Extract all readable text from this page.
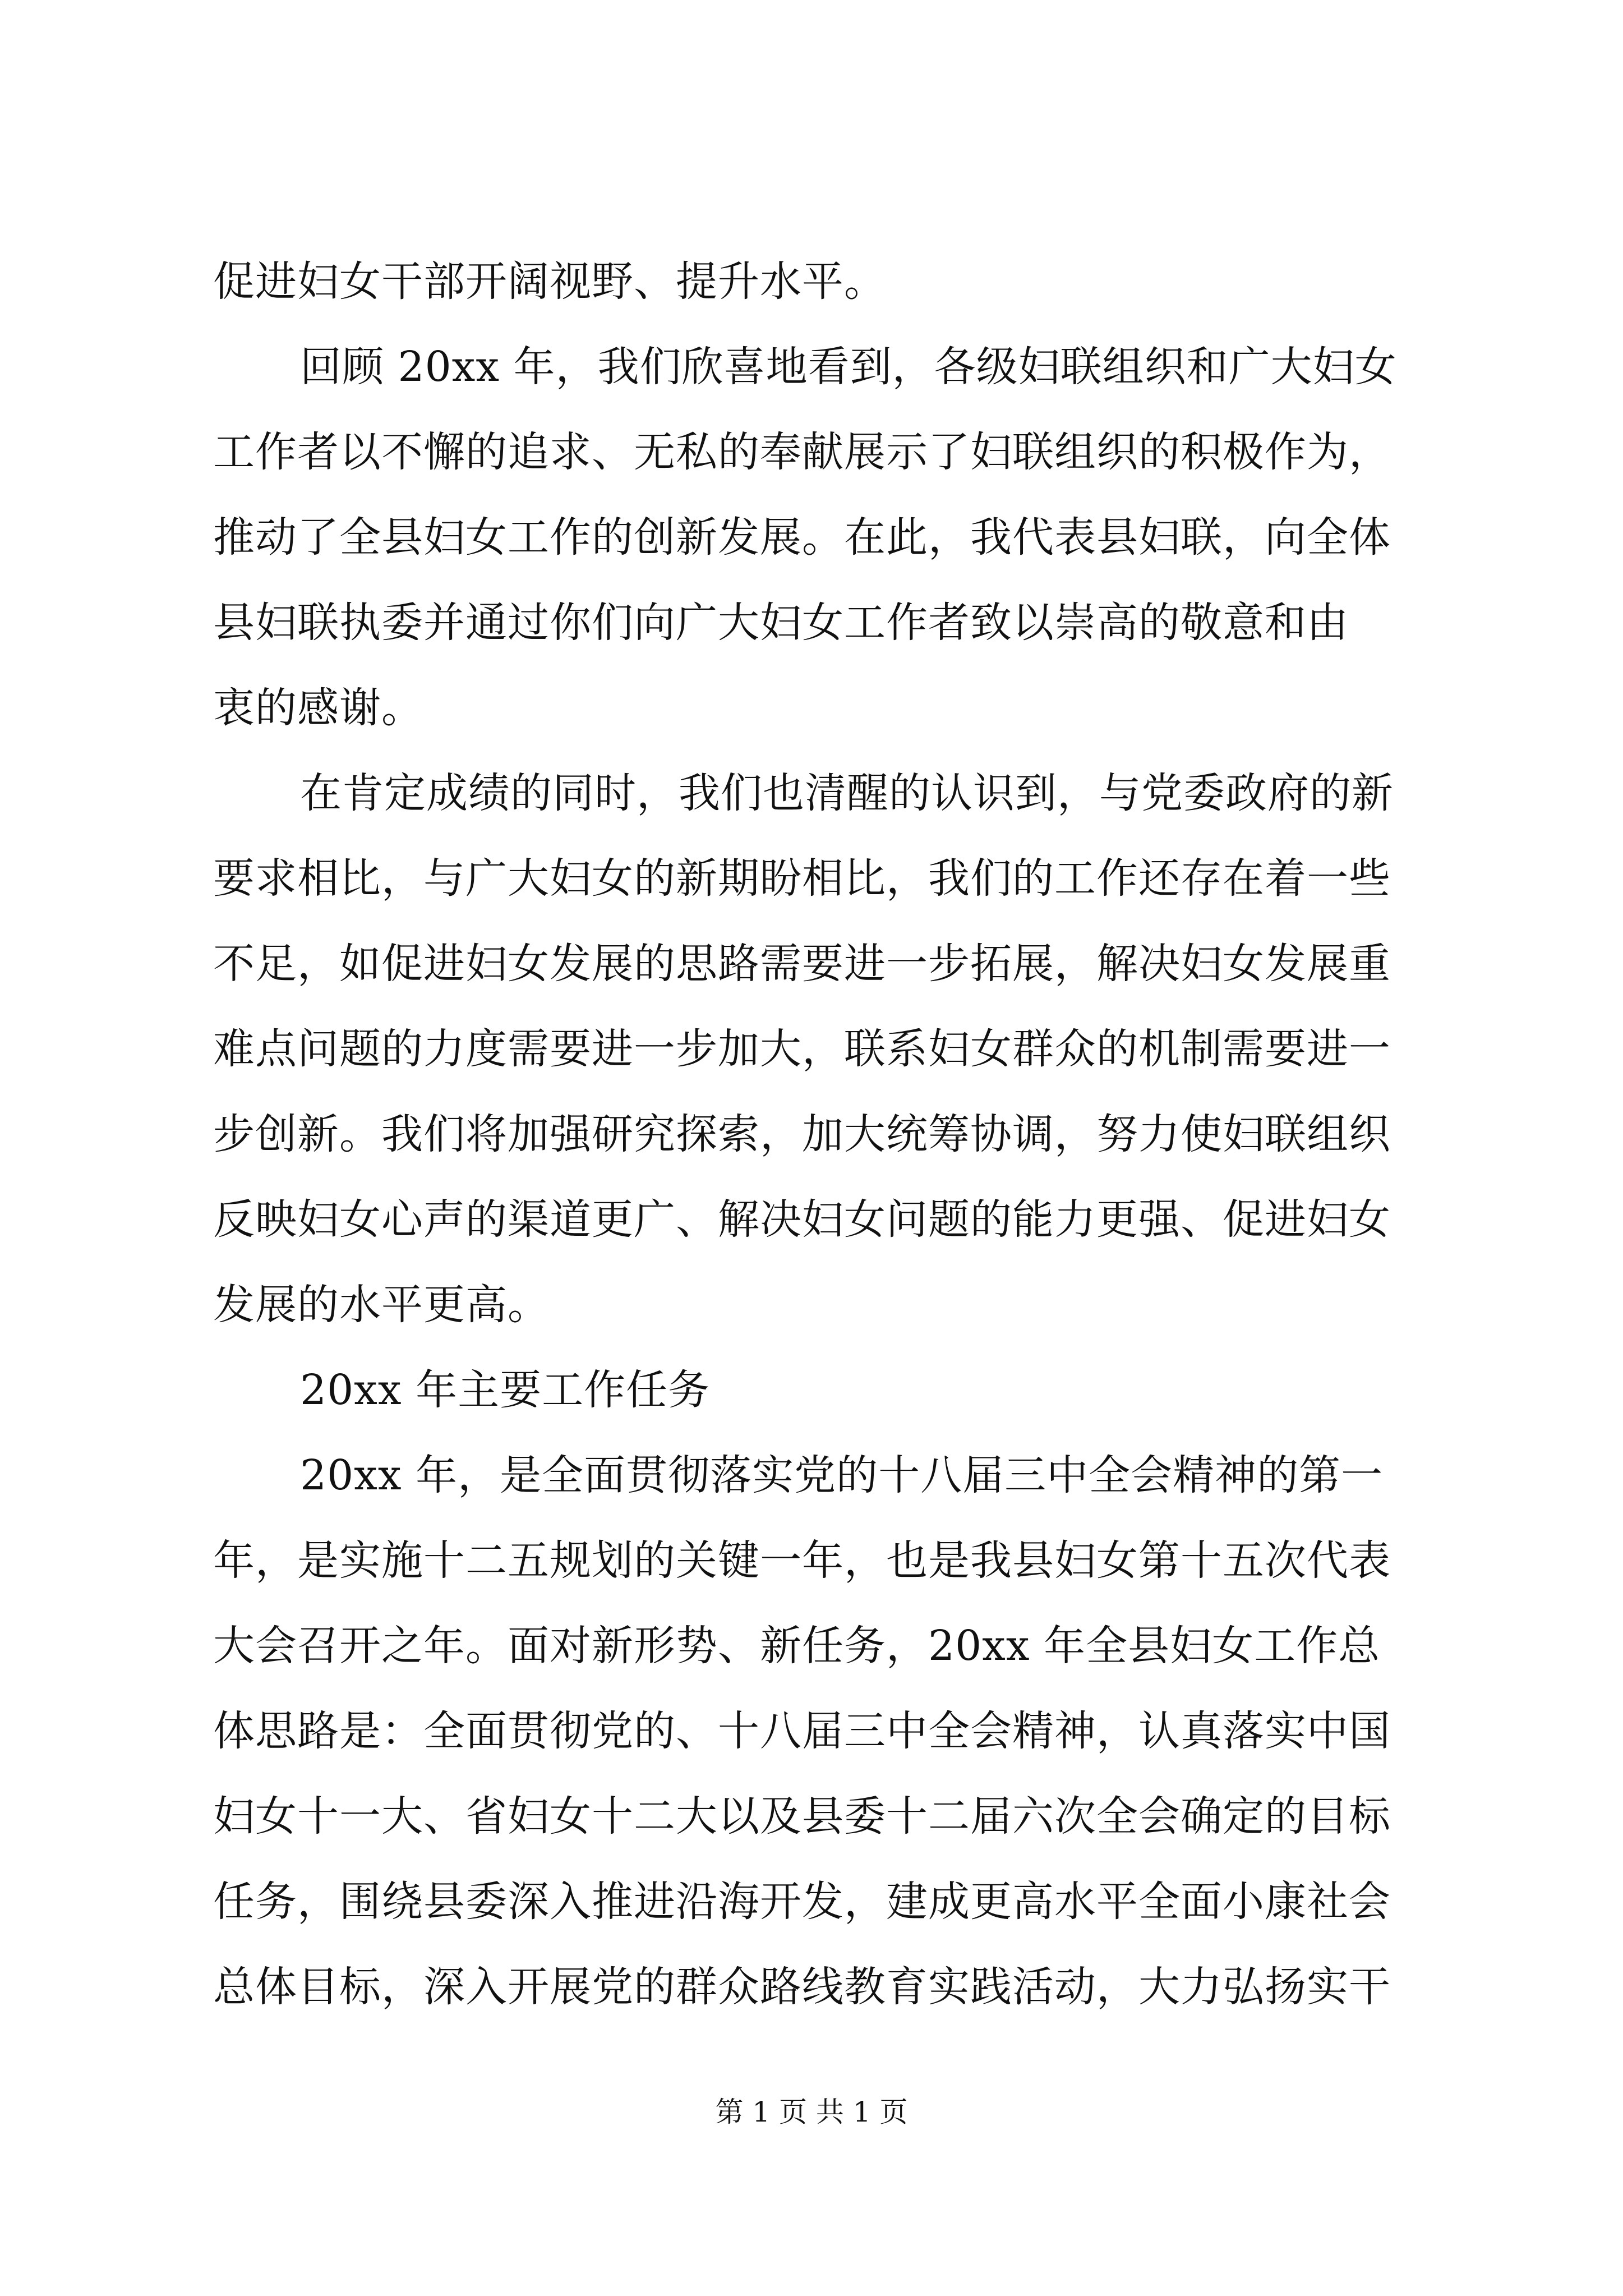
促进妇女干部开阔视野、提升水平。
回顾 20xx 年，我们欣喜地看到，各级妇联组织和广大妇女
工作者以不懈的追求、无私的奉献展示了妇联组织的积极作为，
推动了全县妇女工作的创新发展。在此，我代表县妇联，向全体
县妇联执委并通过你们向广大妇女工作者致以崇高的敬意和由
衷的感谢。
在肯定成绩的同时，我们也清醒的认识到，与党委政府的新
要求相比，与广大妇女的新期盼相比，我们的工作还存在着一些
不足，如促进妇女发展的思路需要进一步拓展，解决妇女发展重
难点问题的力度需要进一步加大，联系妇女群众的机制需要进一
步创新。我们将加强研究探索，加大统筹协调，努力使妇联组织
反映妇女心声的渠道更广、解决妇女问题的能力更强、促进妇女
发展的水平更高。
20xx 年主要工作任务
20xx 年，是全面贯彻落实党的十八届三中全会精神的第一
年，是实施十二五规划的关键一年，也是我县妇女第十五次代表
大会召开之年。面对新形势、新任务，20xx 年全县妇女工作总
体思路是：全面贯彻党的、十八届三中全会精神，认真落实中国
妇女十一大、省妇女十二大以及县委十二届六次全会确定的目标
任务，围绕县委深入推进沿海开发，建成更高水平全面小康社会
总体目标，深入开展党的群众路线教育实践活动，大力弘扬实干
第 1 页 共 1 页
